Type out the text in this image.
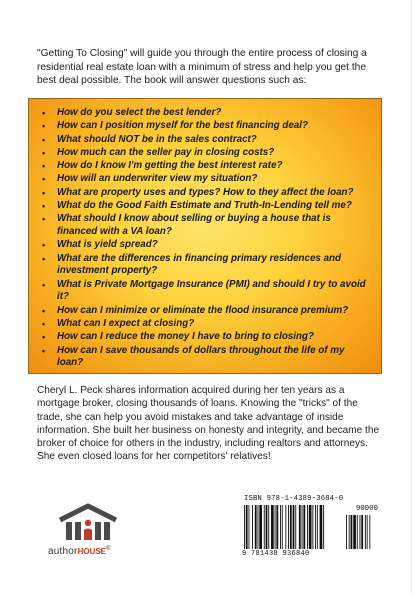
"Getting To Closing" will guide you through the entire process of closing a residential real estate loan with a minimum of stress and help you get the best deal possible. The book will answer questions such as:

• How do you select the best lender?
• How can I position myself for the best financing deal?
• What should NOT be in the sales contract?
• How much can the seller pay in closing costs?
• How do I know I'm getting the best interest rate?
• How will an underwriter view my situation?
• What are property uses and types? How to they affect the loan?
• What do the Good Faith Estimate and Truth-In-Lending tell me?
• What should I know about selling or buying a house that is financed with a VA loan?
• What is yield spread?
• What are the differences in financing primary residences and investment property?
• What is Private Mortgage Insurance (PMI) and should I try to avoid it?
• How can I minimize or eliminate the flood insurance premium?
• What can I expect at closing?
• How can I reduce the money I have to bring to closing?
• How can I save thousands of dollars throughout the life of my loan?

Cheryl L. Peck shares information acquired during her ten years as a mortgage broker, closing thousands of loans. Knowing the "tricks" of the trade, she can help you avoid mistakes and take advantage of inside information. She built her business on honesty and integrity, and became the broker of choice for others in the industry, including realtors and attorneys. She even closed loans for her competitors' relatives!

authorHOUSE®
ISBN 978-1-4389-3684-0
90000
9 781438 936840
